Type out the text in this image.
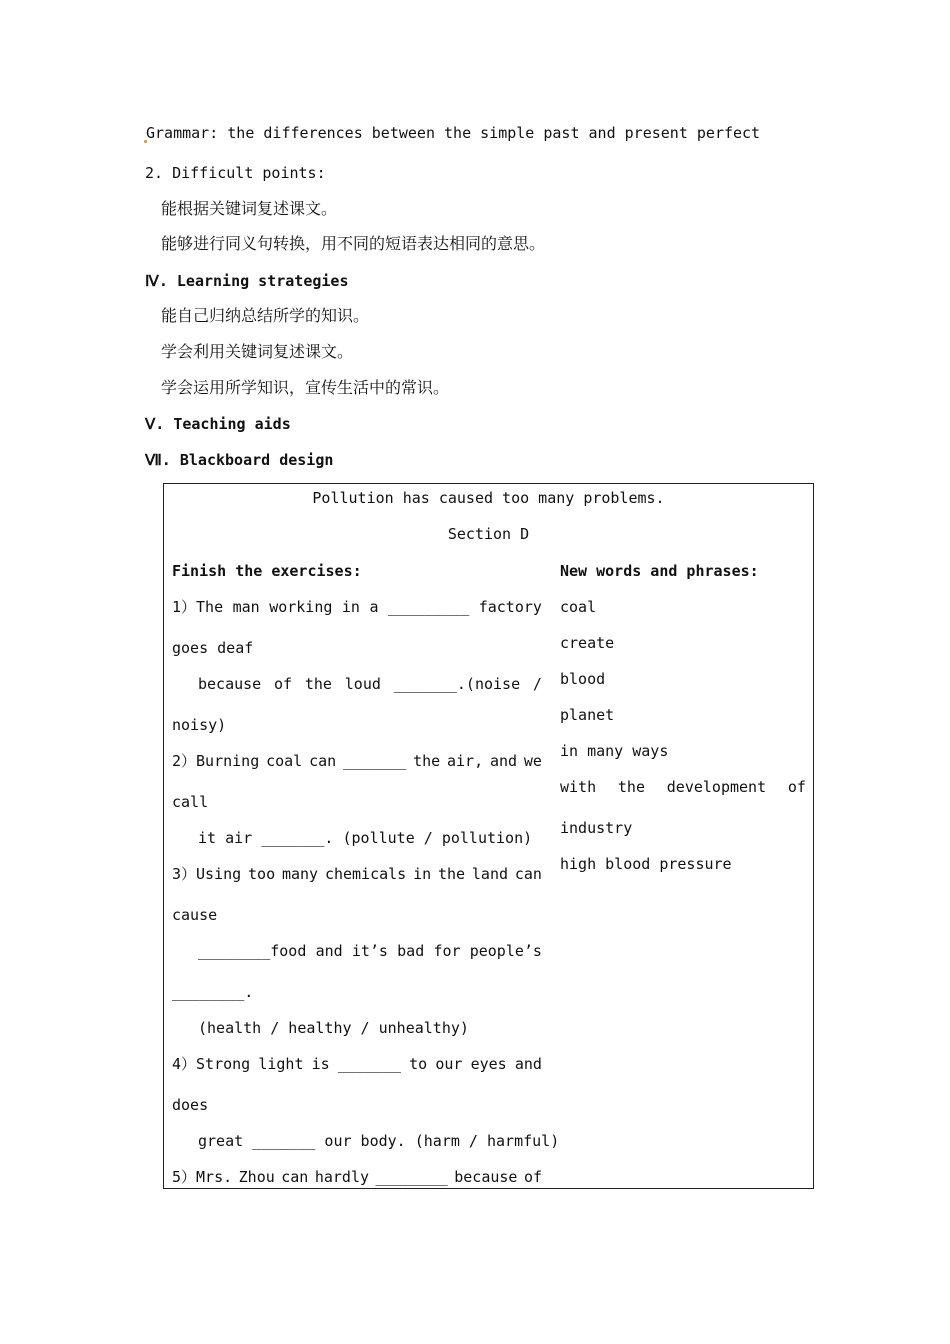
Grammar: the differences between the simple past and present perfect
2. Difficult points:
能根据关键词复述课文。
能够进行同义句转换，用不同的短语表达相同的意思。
Ⅳ. Learning strategies
能自己归纳总结所学的知识。
学会利用关键词复述课文。
学会运用所学知识，宣传生活中的常识。
Ⅴ. Teaching aids
Ⅶ. Blackboard design
Pollution has caused too many problems.
Section D
Finish the exercises:	New words and phrases:
1）The man working in a _________ factory
goes deaf
because of the loud _______.(noise /
noisy)
2）Burning coal can _______ the air, and we
call
it air _______. (pollute / pollution)
3）Using too many chemicals in the land can
cause
________food and it’s bad for people’s
________.
(health / healthy / unhealthy)
4）Strong light is _______ to our eyes and
does
great _______ our body. (harm / harmful)
5）Mrs. Zhou can hardly ________ because of
coal
create
blood
planet
in many ways
with the development of
industry
high blood pressure
